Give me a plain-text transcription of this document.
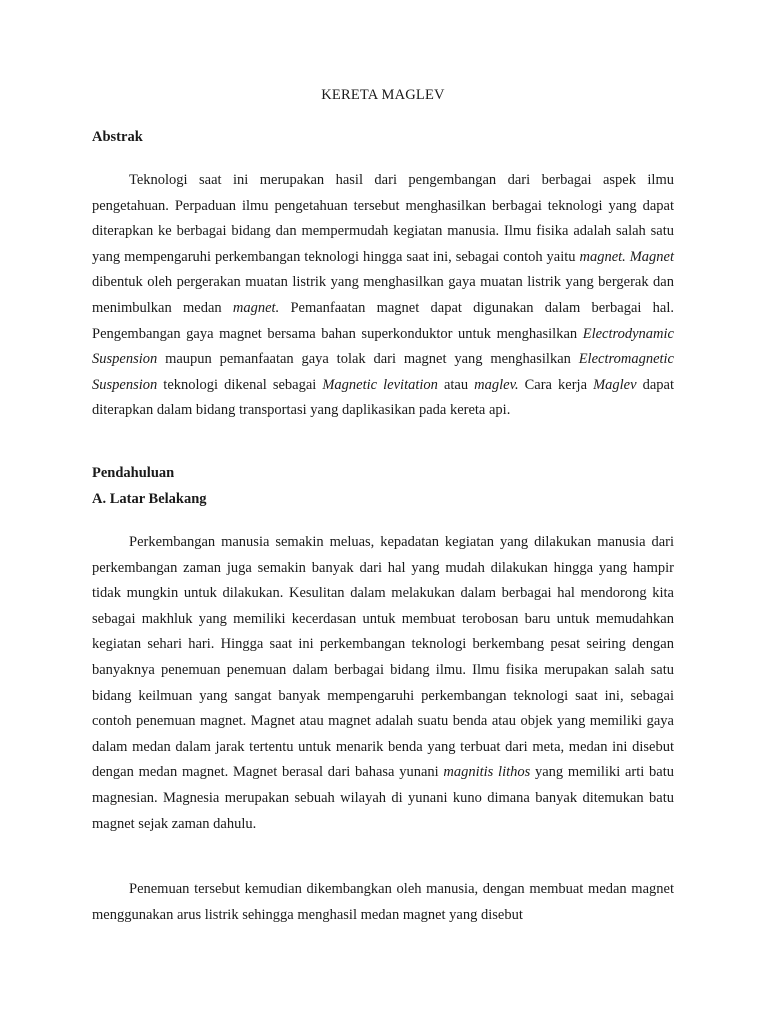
KERETA MAGLEV
Abstrak
Teknologi saat ini merupakan hasil dari pengembangan dari berbagai aspek ilmu pengetahuan. Perpaduan ilmu pengetahuan tersebut menghasilkan berbagai teknologi yang dapat diterapkan ke berbagai bidang dan mempermudah kegiatan manusia. Ilmu fisika adalah salah satu yang mempengaruhi perkembangan teknologi hingga saat ini, sebagai contoh yaitu magnet. Magnet dibentuk oleh pergerakan muatan listrik yang menghasilkan gaya muatan listrik yang bergerak dan menimbulkan medan magnet. Pemanfaatan magnet dapat digunakan dalam berbagai hal. Pengembangan gaya magnet bersama bahan superkonduktor untuk menghasilkan Electrodynamic Suspension maupun pemanfaatan gaya tolak dari magnet yang menghasilkan Electromagnetic Suspension teknologi dikenal sebagai Magnetic levitation atau maglev. Cara kerja Maglev dapat diterapkan dalam bidang transportasi yang daplikasikan pada kereta api.
Pendahuluan
A. Latar Belakang
Perkembangan manusia semakin meluas, kepadatan kegiatan yang dilakukan manusia dari perkembangan zaman juga semakin banyak dari hal yang mudah dilakukan hingga yang hampir tidak mungkin untuk dilakukan. Kesulitan dalam melakukan dalam berbagai hal mendorong kita sebagai makhluk yang memiliki kecerdasan untuk membuat terobosan baru untuk memudahkan kegiatan sehari hari. Hingga saat ini perkembangan teknologi berkembang pesat seiring dengan banyaknya penemuan penemuan dalam berbagai bidang ilmu. Ilmu fisika merupakan salah satu bidang keilmuan yang sangat banyak mempengaruhi perkembangan teknologi saat ini, sebagai contoh penemuan magnet. Magnet atau magnet adalah suatu benda atau objek yang memiliki gaya dalam medan dalam jarak tertentu untuk menarik benda yang terbuat dari meta, medan ini disebut dengan medan magnet. Magnet berasal dari bahasa yunani magnitis lithos yang memiliki arti batu magnesian. Magnesia merupakan sebuah wilayah di yunani kuno dimana banyak ditemukan batu magnet sejak zaman dahulu.
Penemuan tersebut kemudian dikembangkan oleh manusia, dengan membuat medan magnet menggunakan arus listrik sehingga menghasil medan magnet yang disebut
